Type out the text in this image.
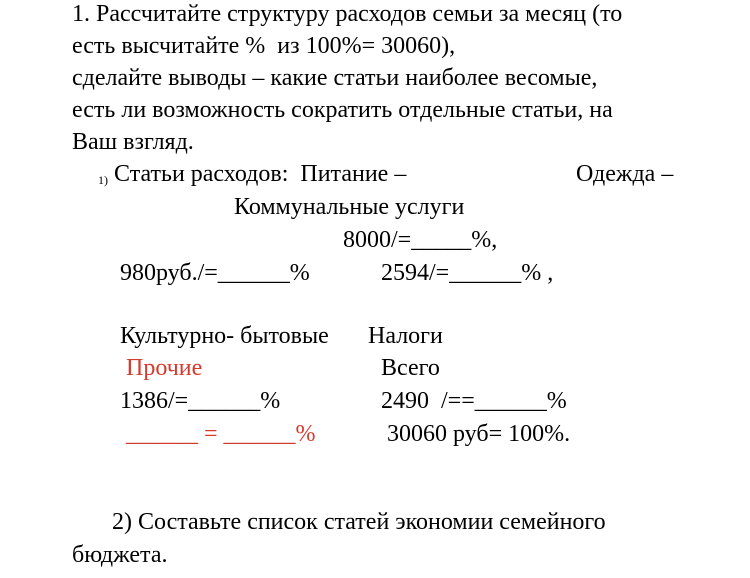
1. Рассчитайте структуру расходов семьи за месяц (то
есть высчитайте %  из 100%= 30060),
сделайте выводы – какие статьи наиболее весомые,
есть ли возможность сократить отдельные статьи, на
Ваш взгляд.
1) Статьи расходов:  Питание –	Одежда –
Коммунальные услуги
8000/=_____%,
980руб./=______%	2594/=______% ,
Культурно- бытовые Налоги
Прочие	Всего
1386/=______%	2490  /==______%
______ = ______%	30060 руб= 100%.
2) Составьте список статей экономии семейного
бюджета.
